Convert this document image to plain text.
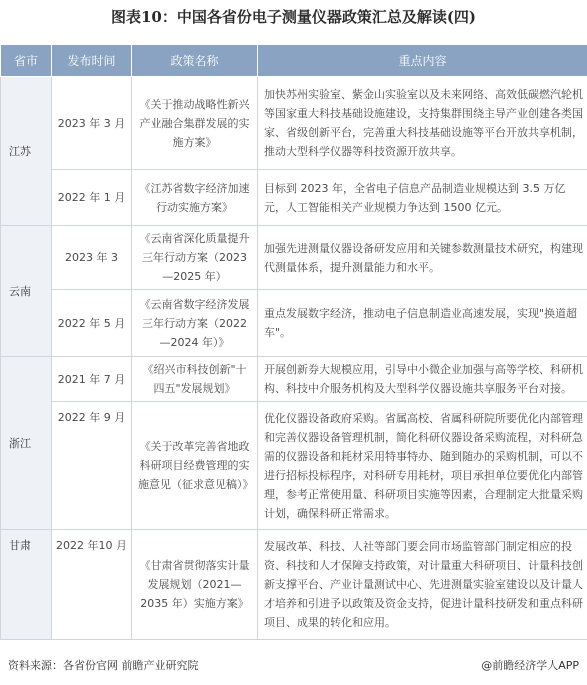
图表10：中国各省份电子测量仪器政策汇总及解读(四)
省市	发布时间	政策名称	重点内容
江苏	2023 年 3 月	《关于推动战略性新兴产业融合集群发展的实施方案》	加快苏州实验室、紫金山实验室以及未来网络、高效低碳燃汽轮机等国家重大科技基础设施建设，支持集群围绕主导产业创建各类国家、省级创新平台，完善重大科技基础设施等平台开放共享机制，推动大型科学仪器等科技资源开放共享。
	2022 年 1 月	《江苏省数字经济加速行动实施方案》	目标到 2023 年，全省电子信息产品制造业规模达到 3.5 万亿元，人工智能相关产业规模力争达到 1500 亿元。
云南	2023 年 3	《云南省深化质量提升三年行动方案（2023—2025 年）	加强先进测量仪器设备研发应用和关键参数测量技术研究，构建现代测量体系，提升测量能力和水平。
	2022 年 5 月	《云南省数字经济发展三年行动方案（2022—2024 年）》	重点发展数字经济，推动电子信息制造业高速发展，实现"换道超车"。
浙江	2021 年 7 月	《绍兴市科技创新"十四五"发展规划》	开展创新券大规模应用，引导中小微企业加强与高等学校、科研机构、科技中介服务机构及大型科学仪器设施共享服务平台对接。
	2022 年 9 月	《关于改革完善省地政科研项目经费管理的实施意见（征求意见稿）》	优化仪器设备政府采购。省属高校、省属科研院所要优化内部管理和完善仪器设备管理机制，简化科研仪器设备采购流程，对科研急需的仪器设备和耗材采用特事特办、随到随办的采购机制，可以不进行招标投标程序，对科研专用耗材，项目承担单位要优化内部管理，参考正常使用量、科研项目实施等因素，合理制定大批量采购计划，确保科研正常需求。
甘肃	2022 年10 月	《甘肃省贯彻落实计量发展规划（2021—2035 年）实施方案》	发展改革、科技、人社等部门要会同市场监管部门制定相应的投资、科技和人才保障支持政策，对计量重大科研项目、计量科技创新支撑平台、产业计量测试中心、先进测量实验室建设以及计量人才培养和引进予以政策及资金支持，促进计量科技研发和重点科研项目、成果的转化和应用。
资料来源：各省份官网 前瞻产业研究院	@前瞻经济学人APP
